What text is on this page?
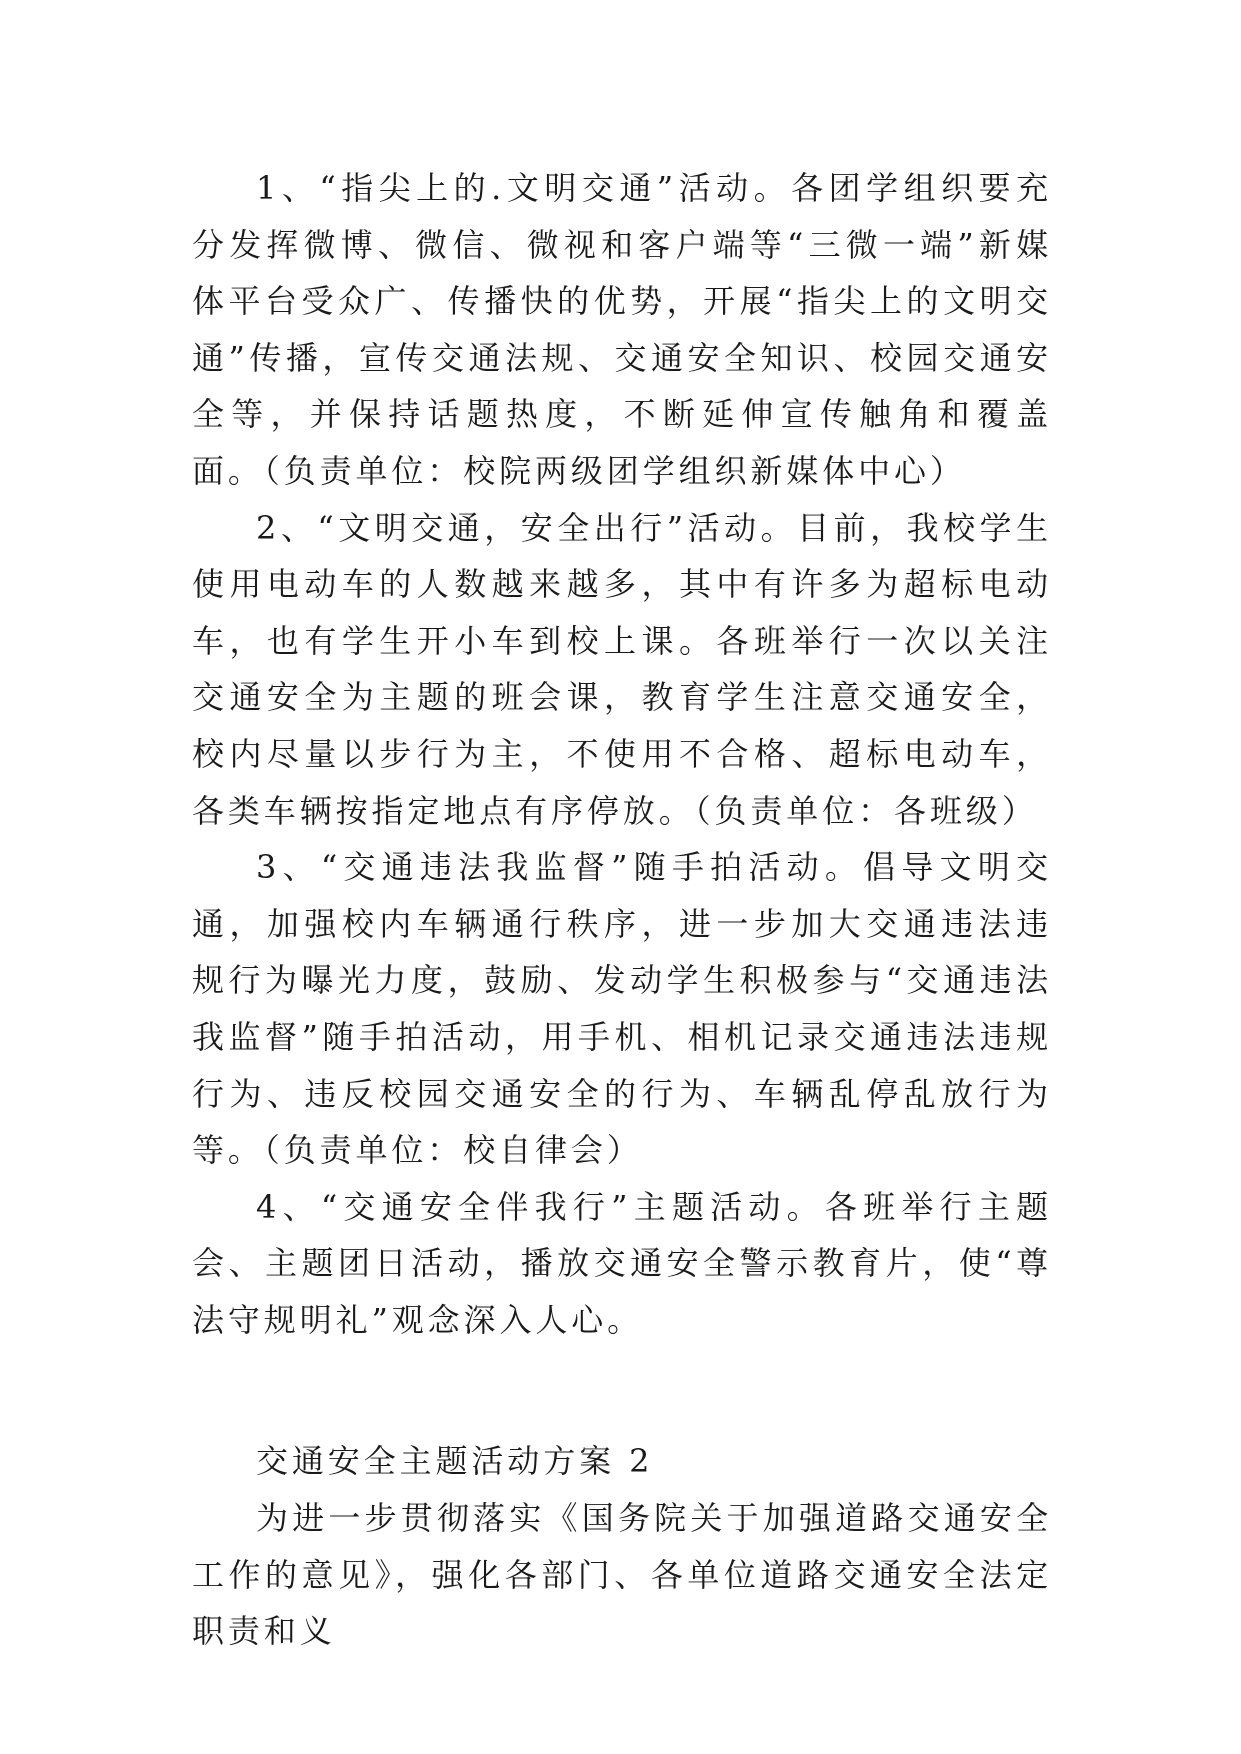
1、“指尖上的.文明交通”活动。各团学组织要充分发挥微博、微信、微视和客户端等“三微一端”新媒体平台受众广、传播快的优势，开展“指尖上的文明交通”传播，宣传交通法规、交通安全知识、校园交通安全等，并保持话题热度，不断延伸宣传触角和覆盖面。（负责单位：校院两级团学组织新媒体中心）

2、“文明交通，安全出行”活动。目前，我校学生使用电动车的人数越来越多，其中有许多为超标电动车，也有学生开小车到校上课。各班举行一次以关注交通安全为主题的班会课，教育学生注意交通安全，校内尽量以步行为主，不使用不合格、超标电动车，各类车辆按指定地点有序停放。（负责单位：各班级）

3、“交通违法我监督”随手拍活动。倡导文明交通，加强校内车辆通行秩序，进一步加大交通违法违规行为曝光力度，鼓励、发动学生积极参与“交通违法我监督”随手拍活动，用手机、相机记录交通违法违规行为、违反校园交通安全的行为、车辆乱停乱放行为等。（负责单位：校自律会）

4、“交通安全伴我行”主题活动。各班举行主题会、主题团日活动，播放交通安全警示教育片，使“尊法守规明礼”观念深入人心。

交通安全主题活动方案 2

为进一步贯彻落实《国务院关于加强道路交通安全工作的意见》，强化各部门、各单位道路交通安全法定职责和义
